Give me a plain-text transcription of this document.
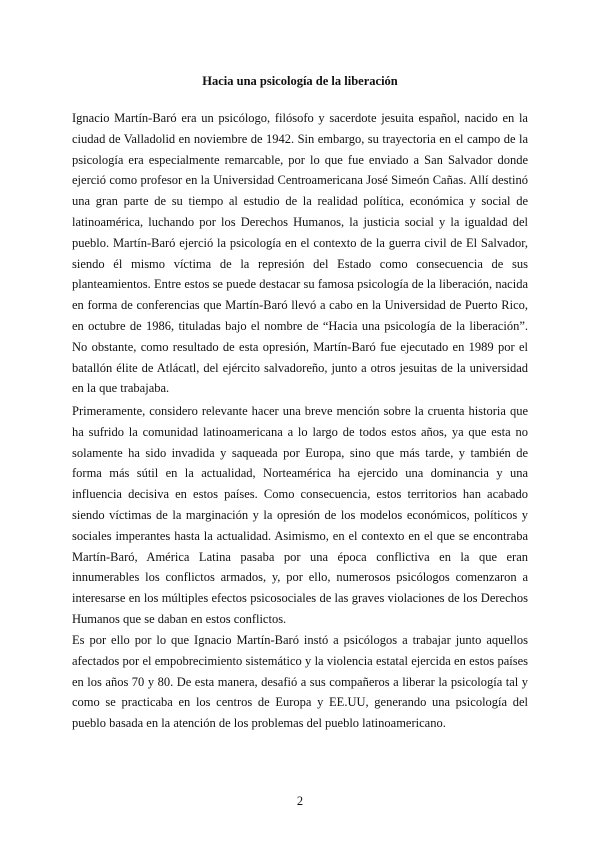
Hacia una psicología de la liberación

Ignacio Martín-Baró era un psicólogo, filósofo y sacerdote jesuita español, nacido en la ciudad de Valladolid en noviembre de 1942. Sin embargo, su trayectoria en el campo de la psicología era especialmente remarcable, por lo que fue enviado a San Salvador donde ejerció como profesor en la Universidad Centroamericana José Simeón Cañas. Allí destinó una gran parte de su tiempo al estudio de la realidad política, económica y social de latinoamérica, luchando por los Derechos Humanos, la justicia social y la igualdad del pueblo. Martín-Baró ejerció la psicología en el contexto de la guerra civil de El Salvador, siendo él mismo víctima de la represión del Estado como consecuencia de sus planteamientos. Entre estos se puede destacar su famosa psicología de la liberación, nacida en forma de conferencias que Martín-Baró llevó a cabo en la Universidad de Puerto Rico, en octubre de 1986, tituladas bajo el nombre de “Hacia una psicología de la liberación”. No obstante, como resultado de esta opresión, Martín-Baró fue ejecutado en 1989 por el batallón élite de Atlácatl, del ejército salvadoreño, junto a otros jesuitas de la universidad en la que trabajaba.

Primeramente, considero relevante hacer una breve mención sobre la cruenta historia que ha sufrido la comunidad latinoamericana a lo largo de todos estos años, ya que esta no solamente ha sido invadida y saqueada por Europa, sino que más tarde, y también de forma más sútil en la actualidad, Norteamérica ha ejercido una dominancia y una influencia decisiva en estos países. Como consecuencia, estos territorios han acabado siendo víctimas de la marginación y la opresión de los modelos económicos, políticos y sociales imperantes hasta la actualidad. Asimismo, en el contexto en el que se encontraba Martín-Baró, América Latina pasaba por una época conflictiva en la que eran innumerables los conflictos armados, y, por ello, numerosos psicólogos comenzaron a interesarse en los múltiples efectos psicosociales de las graves violaciones de los Derechos Humanos que se daban en estos conflictos.

Es por ello por lo que Ignacio Martín-Baró instó a psicólogos a trabajar junto aquellos afectados por el empobrecimiento sistemático y la violencia estatal ejercida en estos países en los años 70 y 80. De esta manera, desafió a sus compañeros a liberar la psicología tal y como se practicaba en los centros de Europa y EE.UU, generando una psicología del pueblo basada en la atención de los problemas del pueblo latinoamericano.

2
